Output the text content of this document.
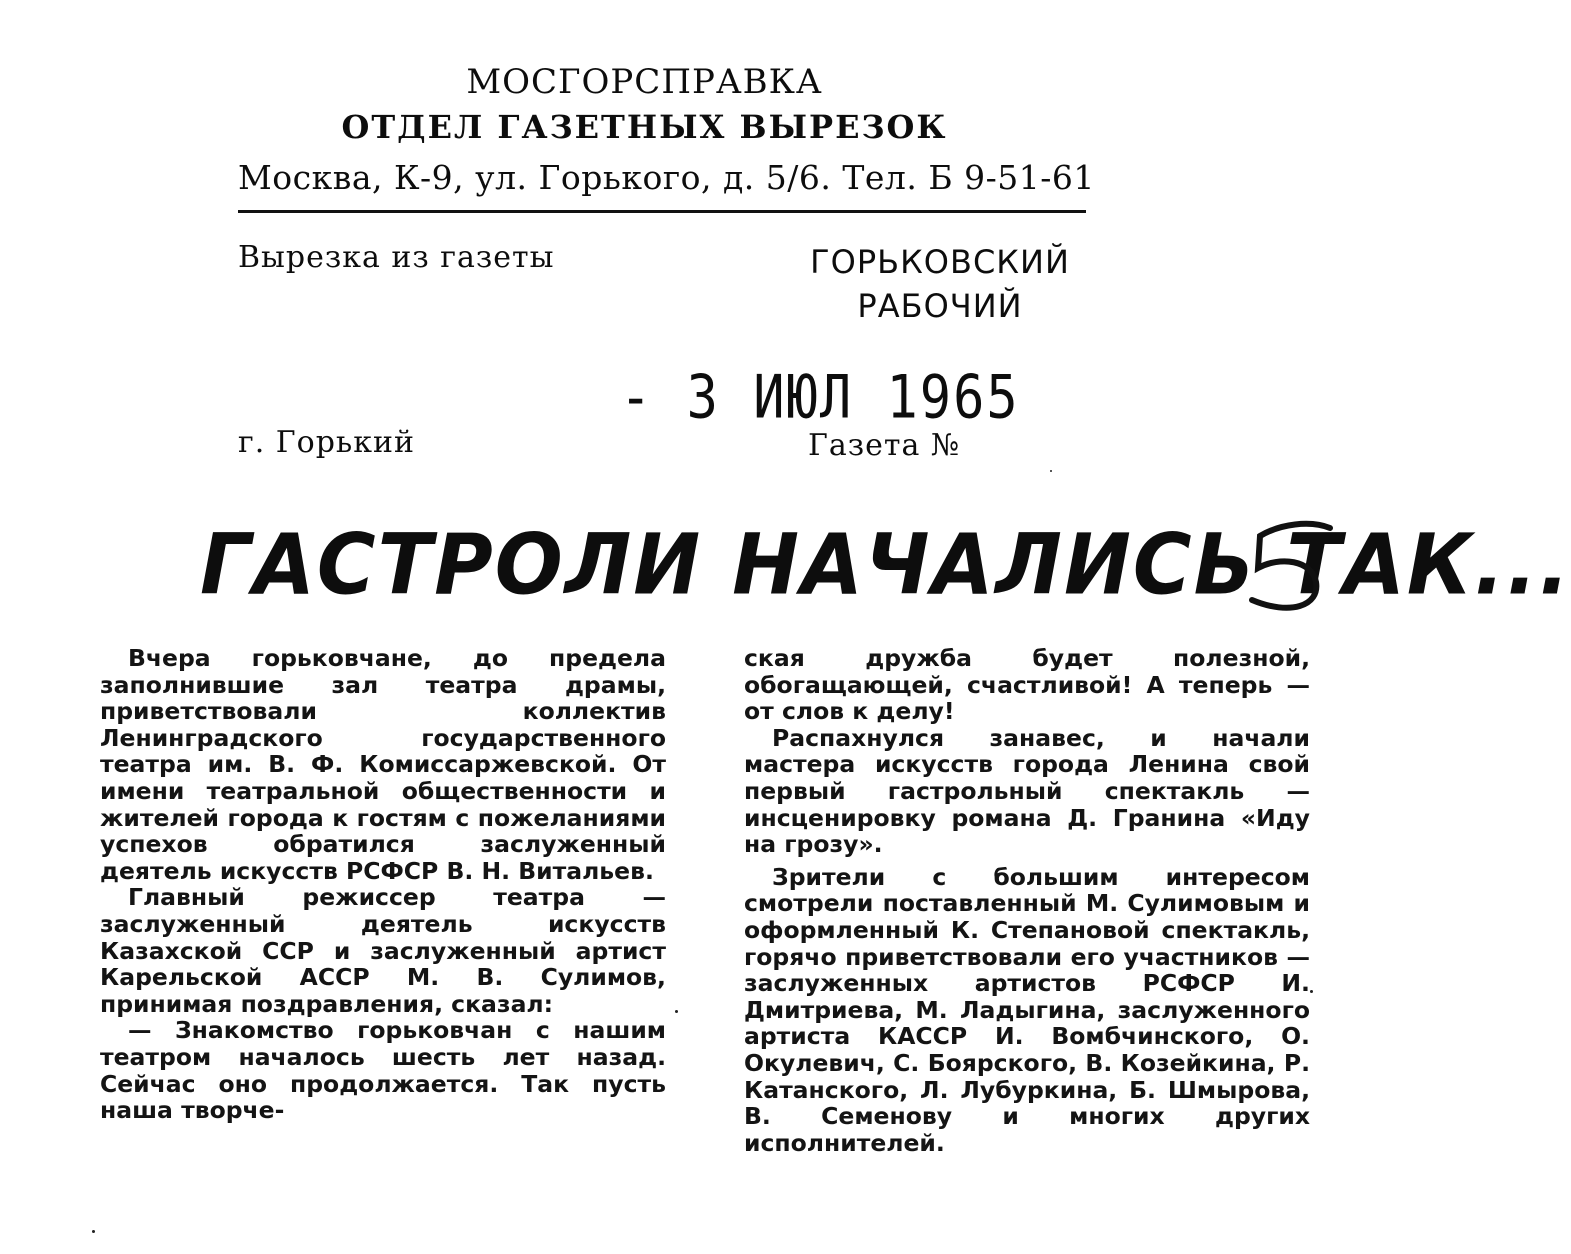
МОСГОРСПРАВКА
ОТДЕЛ ГАЗЕТНЫХ ВЫРЕЗОК
Москва, К-9, ул. Горького, д. 5/6. Тел. Б 9-51-61
Вырезка из газеты	ГОРЬКОВСКИЙ
РАБОЧИЙ
- 3 ИЮЛ 1965
г. Горький	Газета №
ГАСТРОЛИ НАЧАЛИСЬ ТАК...

Вчера горьковчане, до предела заполнившие зал театра драмы, приветствовали коллектив Ленинградского государственного театра им. В. Ф. Комиссаржевской. От имени театральной общественности и жителей города к гостям с пожеланиями успехов обратился заслуженный деятель искусств РСФСР В. Н. Витальев.

Главный режиссер театра — заслуженный деятель искусств Казахской ССР и заслуженный артист Карельской АССР М. В. Сулимов, принимая поздравления, сказал:

— Знакомство горьковчан с нашим театром началось шесть лет назад. Сейчас оно продолжается. Так пусть наша творче-

ская дружба будет полезной, обогащающей, счастливой! А теперь — от слов к делу!

Распахнулся занавес, и начали мастера искусств города Ленина свой первый гастрольный спектакль — инсценировку романа Д. Гранина «Иду на грозу».

Зрители с большим интересом смотрели поставленный М. Сулимовым и оформленный К. Степановой спектакль, горячо приветствовали его участников — заслуженных артистов РСФСР И. Дмитриева, М. Ладыгина, заслуженного артиста КАССР И. Вомбчинского, О. Окулевич, С. Боярского, В. Козейкина, Р. Катанского, Л. Лубуркина, Б. Шмырова, В. Семенову и многих других исполнителей.
